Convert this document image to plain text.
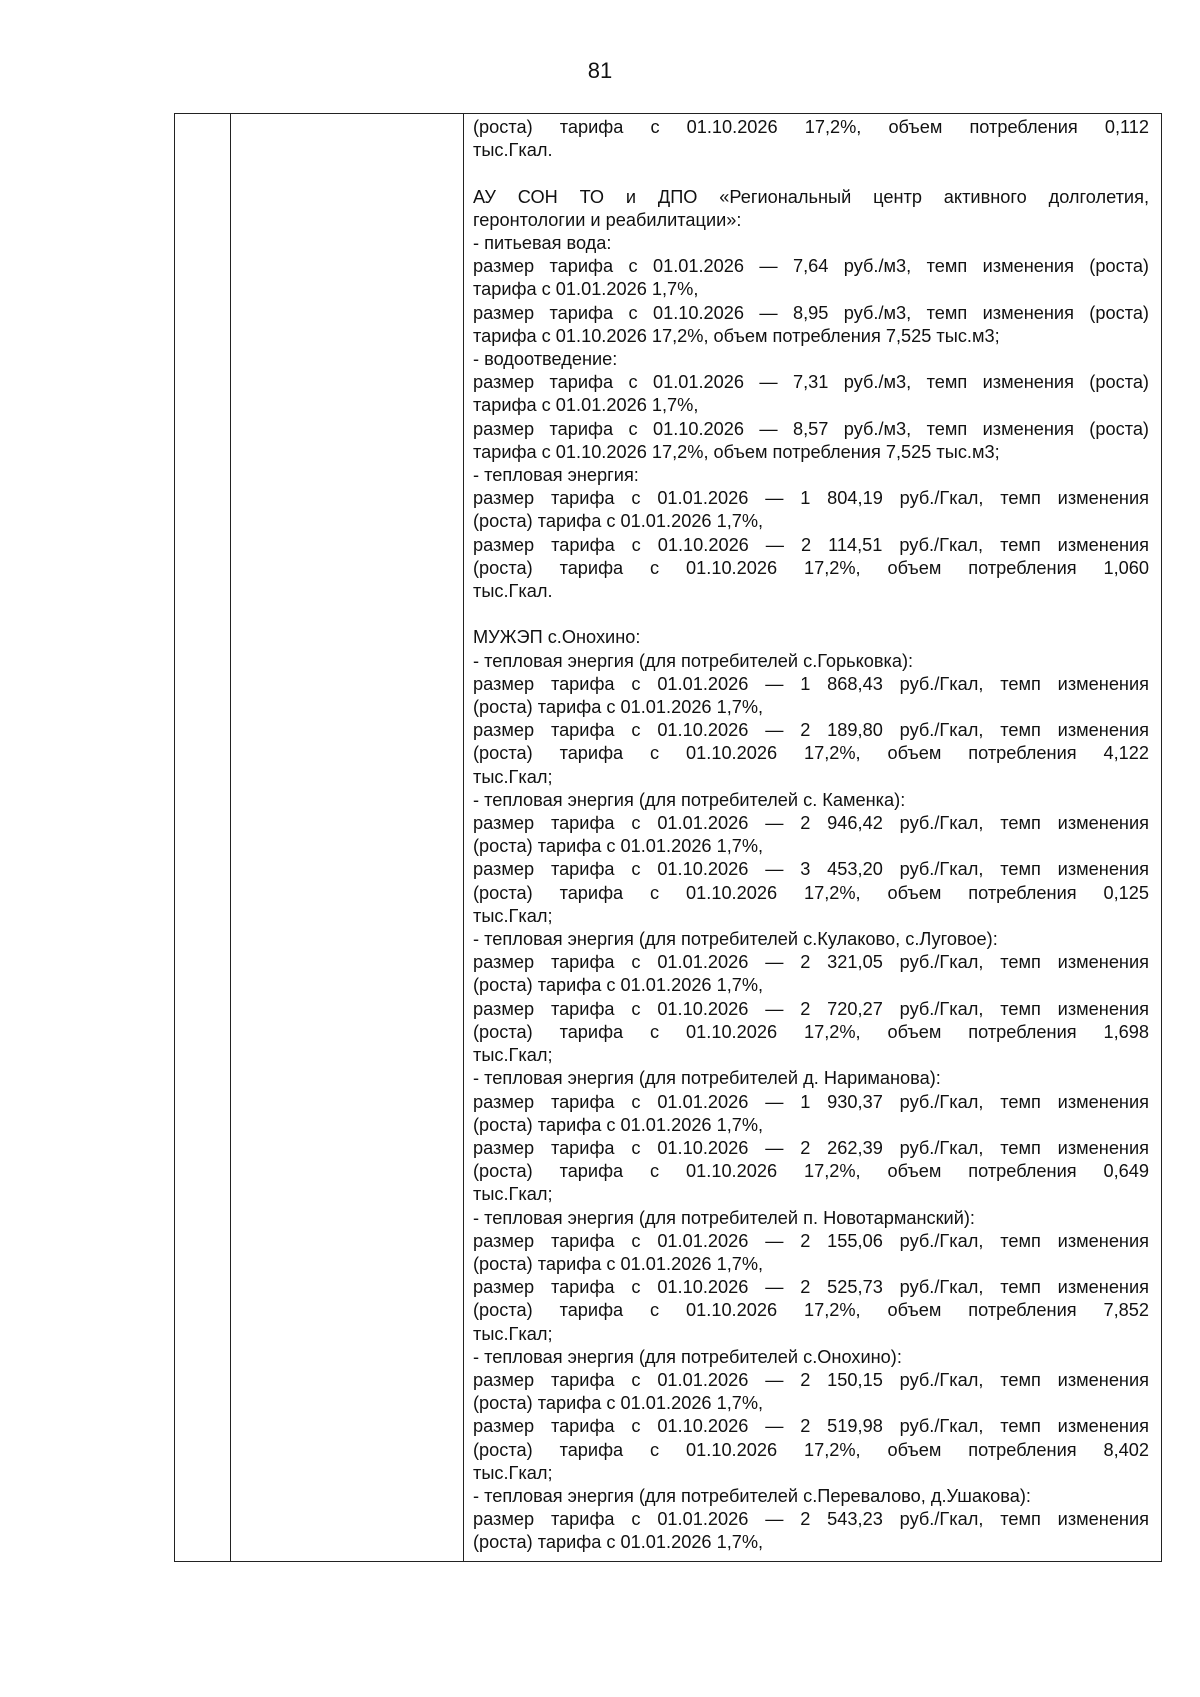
81
(роста) тарифа с 01.10.2026 17,2%, объем потребления 0,112
тыс.Гкал.
АУ СОН ТО и ДПО «Региональный центр активного долголетия,
геронтологии и реабилитации»:
- питьевая вода:
размер тарифа с 01.01.2026 — 7,64 руб./м3, темп изменения (роста)
тарифа с 01.01.2026 1,7%,
размер тарифа с 01.10.2026 — 8,95 руб./м3, темп изменения (роста)
тарифа с 01.10.2026 17,2%, объем потребления 7,525 тыс.м3;
- водоотведение:
размер тарифа с 01.01.2026 — 7,31 руб./м3, темп изменения (роста)
тарифа с 01.01.2026 1,7%,
размер тарифа с 01.10.2026 — 8,57 руб./м3, темп изменения (роста)
тарифа с 01.10.2026 17,2%, объем потребления 7,525 тыс.м3;
- тепловая энергия:
размер тарифа с 01.01.2026 — 1 804,19 руб./Гкал, темп изменения
(роста) тарифа с 01.01.2026 1,7%,
размер тарифа с 01.10.2026 — 2 114,51 руб./Гкал, темп изменения
(роста) тарифа с 01.10.2026 17,2%, объем потребления 1,060
тыс.Гкал.
МУЖЭП с.Онохино:
- тепловая энергия (для потребителей с.Горьковка):
размер тарифа с 01.01.2026 — 1 868,43 руб./Гкал, темп изменения
(роста) тарифа с 01.01.2026 1,7%,
размер тарифа с 01.10.2026 — 2 189,80 руб./Гкал, темп изменения
(роста) тарифа с 01.10.2026 17,2%, объем потребления 4,122
тыс.Гкал;
- тепловая энергия (для потребителей с. Каменка):
размер тарифа с 01.01.2026 — 2 946,42 руб./Гкал, темп изменения
(роста) тарифа с 01.01.2026 1,7%,
размер тарифа с 01.10.2026 — 3 453,20 руб./Гкал, темп изменения
(роста) тарифа с 01.10.2026 17,2%, объем потребления 0,125
тыс.Гкал;
- тепловая энергия (для потребителей с.Кулаково, с.Луговое):
размер тарифа с 01.01.2026 — 2 321,05 руб./Гкал, темп изменения
(роста) тарифа с 01.01.2026 1,7%,
размер тарифа с 01.10.2026 — 2 720,27 руб./Гкал, темп изменения
(роста) тарифа с 01.10.2026 17,2%, объем потребления 1,698
тыс.Гкал;
- тепловая энергия (для потребителей д. Нариманова):
размер тарифа с 01.01.2026 — 1 930,37 руб./Гкал, темп изменения
(роста) тарифа с 01.01.2026 1,7%,
размер тарифа с 01.10.2026 — 2 262,39 руб./Гкал, темп изменения
(роста) тарифа с 01.10.2026 17,2%, объем потребления 0,649
тыс.Гкал;
- тепловая энергия (для потребителей п. Новотарманский):
размер тарифа с 01.01.2026 — 2 155,06 руб./Гкал, темп изменения
(роста) тарифа с 01.01.2026 1,7%,
размер тарифа с 01.10.2026 — 2 525,73 руб./Гкал, темп изменения
(роста) тарифа с 01.10.2026 17,2%, объем потребления 7,852
тыс.Гкал;
- тепловая энергия (для потребителей с.Онохино):
размер тарифа с 01.01.2026 — 2 150,15 руб./Гкал, темп изменения
(роста) тарифа с 01.01.2026 1,7%,
размер тарифа с 01.10.2026 — 2 519,98 руб./Гкал, темп изменения
(роста) тарифа с 01.10.2026 17,2%, объем потребления 8,402
тыс.Гкал;
- тепловая энергия (для потребителей с.Перевалово, д.Ушакова):
размер тарифа с 01.01.2026 — 2 543,23 руб./Гкал, темп изменения
(роста) тарифа с 01.01.2026 1,7%,
